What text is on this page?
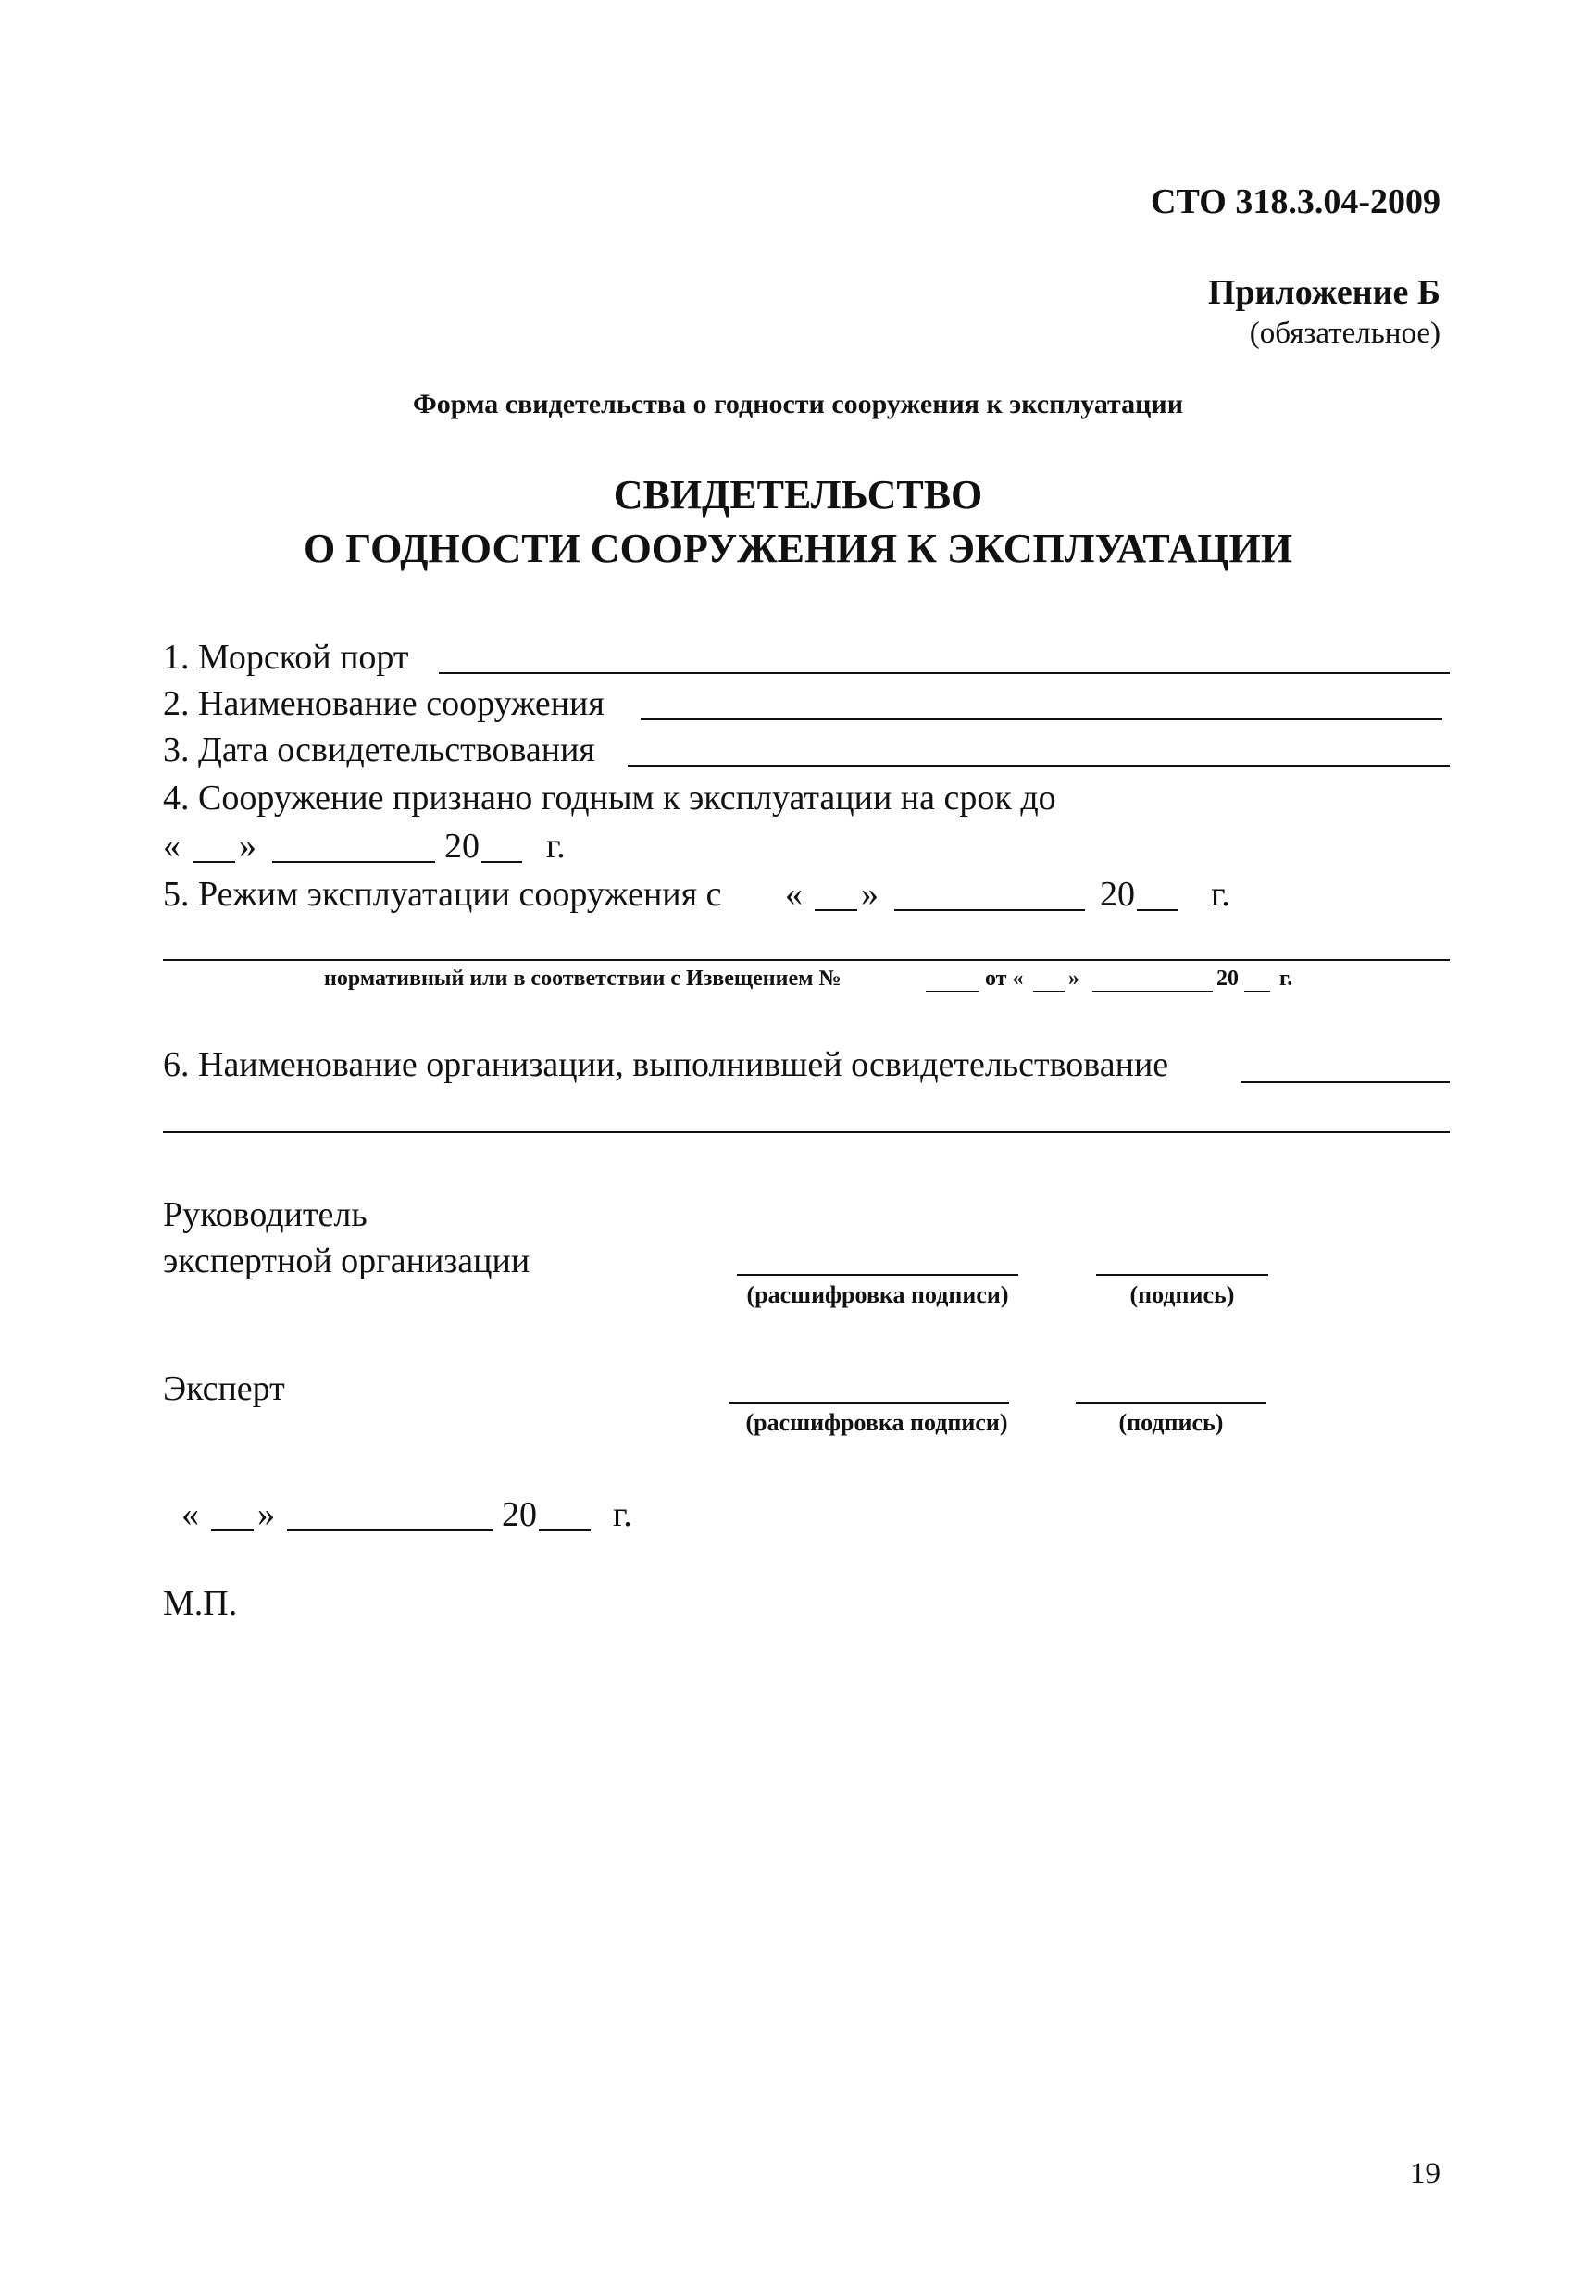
СТО 318.3.04-2009
Приложение Б
(обязательное)
Форма свидетельства о годности сооружения к эксплуатации
СВИДЕТЕЛЬСТВО
О ГОДНОСТИ СООРУЖЕНИЯ К ЭКСПЛУАТАЦИИ
1. Морской порт
2. Наименование сооружения
3. Дата освидетельствования
4. Сооружение признано годным к эксплуатации на срок до
« »	20 г.
5. Режим эксплуатации сооружения с « »	20 г.
нормативный или в соответствии с Извещением №	от « »	20 г.
6. Наименование организации, выполнившей освидетельствование
Руководитель
экспертной организации
(расшифровка подписи)	(подпись)
Эксперт
(расшифровка подписи)	(подпись)
« »	20 г.
М.П.
19
